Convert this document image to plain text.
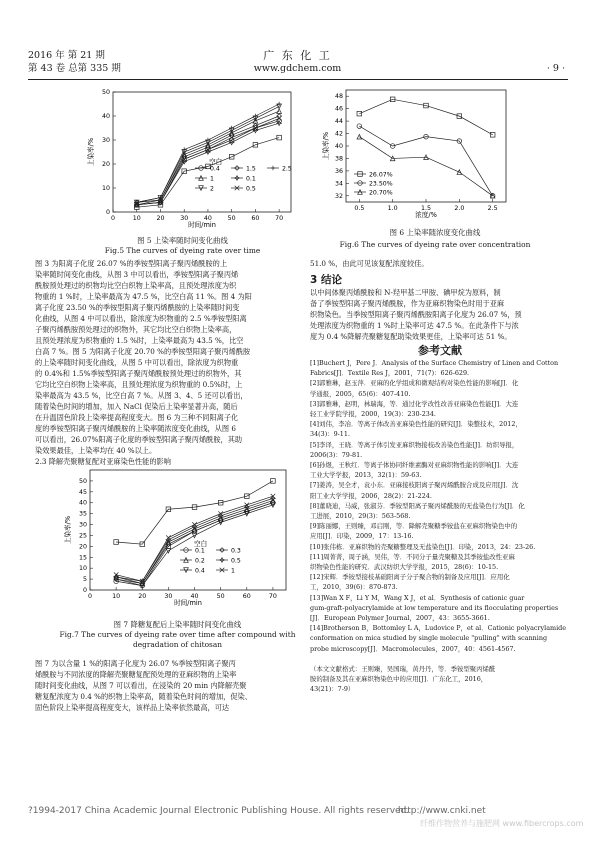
2016 年 第 21 期
第 43 卷 总第 335 期
广 东 化 工
www.gdchem.com	· 9 ·
0	10 20 30 40 50 60 70
0
10
20
30
40
50
时间/min
上染率/%	空白
0.4
1
2
1.5
0.1
0.5
2.5
图 5 上染率随时间变化曲线
Fig.5 The curves of dyeing rate over time
0.5	1.0	1.5	2.0	2.5
32
34
36
38
40
42
44
46
48
浓度/%
上染率/%
26.07%
23.50%
20.70%
图 6 上染率随浓度变化曲线
Fig.6 The curves of dyeing rate over concentration
图 3 为阳离子化度 26.07 %的季铵型阳离子聚丙烯酰胺的上
染率随时间变化曲线，从图 3 中可以看出，季铵型阳离子聚丙烯
酰胺预处理过的织物均比空白织物上染率高，且预处理浓度为织
物重的 1 %时，上染率最高为 47.5 %，比空白高 11 %。图 4 为阳
离子化度 23.50 %的季铵型阳离子聚丙烯酰胺的上染率随时间变
化曲线，从图 4 中可以看出，除浓度为织物重的 2.5 %季铵型阳离
子聚丙烯酰胺预处理过的织物外，其它均比空白织物上染率高，
且预处理浓度为织物重的 1.5 %时，上染率最高为 43.5 %，比空
白高 7 %。图 5 为阳离子化度 20.70 %的季铵型阳离子聚丙烯酰胺
的上染率随时间变化曲线，从图 5 中可以看出，除浓度为织物重
的 0.4%和 1.5%季铵型阳离子聚丙烯酰胺预处理过的织物外，其
它均比空白织物上染率高，且预处理浓度为织物重的 0.5%时，上
染率最高为 43.5 %，比空白高 7 %。从图 3、4、5 还可以看出，
随着染色时间的增加，加入 NaCl 促染后上染率显著升高，随后
在升温固色阶段上染率提高程度变大。图 6 为三种不同阳离子化
度的季铵型阳离子聚丙烯酰胺的上染率随浓度变化曲线，从图 6
可以看出，26.07%阳离子化度的季铵型阳离子聚丙烯酰胺，其助
染效果最佳，上染率均在 40 %以上。
2.3 降解壳聚糖复配对亚麻染色性能的影响
0	10	20	30	40	50	60	70
0
5
10
15
20
25
30
35
40
45
50
时间/min
上染率/%	空白
0.1
0.2
0.4
0.3
0.5
1
图 7 降糖复配后上染率随时间变化曲线
Fig.7 The curves of dyeing rate over time after compound with
degradation of chitosan
图 7 为以含量 1 %的阳离子化度为 26.07 %季铵型阳离子聚丙
烯酰胺与不同浓度的降解壳聚糖复配预处理的亚麻织物的上染率
随时间变化曲线，从图 7 可以看出，在浸染的 20 min 内降解壳聚
糖复配浓度为 0.4 %的织物上染率高，随着染色时间的增加，促染、
固色阶段上染率提高程度变大，该样品上染率依然最高，可达
51.0 %，由此可见该复配浓度较佳。
3 结论
以中间体聚丙烯酰胺和 N-羟甲基二甲胺、碘甲烷为原料，制
备了季铵型阳离子聚丙烯酰胺，作为亚麻织物染色时用于亚麻
织物染色。当季铵型阳离子聚丙烯酰胺阳离子化度为 26.07 %，预
处理浓度为织物重的 1 %时上染率可达 47.5 %。在此条件下与浓
度为 0.4 %降解壳聚糖复配助染效果更佳，上染率可达 51 %。
参考文献
[1]Buchert J，Pere J．Analysis of the Surface Chemistry of Linen and Cotton
Fabrics[J]．Textile Res J，2001，71(7)：626-629.
[2]郭雅琳，赵玉萍．亚麻的化学组成和微观结构对染色性能的影响[J]．化
学通报，2005，65(6)：407-410.
[3]郭雅琳，赵明，林瑞海，等．通过化学改性改善亚麻染色性能[J]．大连
轻工业学院学报，2000，19(3)：230-234.
[4]刘伟，李冶．等离子体改善亚麻染色性能的研究[J]．染整技术，2012，
34(3)：9-11.
[5]李译，王晓．等离子体引发亚麻织物接枝改善染色性能[J]．纺织导报，
2006(3)：79-81.
[6]孙煜，王秋红．等离子体协同纤维素酶对亚麻织物性能的影响[J]．大连
工业大学学报，2013，32(1)：59-63.
[7]姜涛，吴全才，袁小东．亚麻接枝阳离子聚丙烯酰胺合成及应用[J]．沈
阳工业大学学报，2006，28(2)：21-224.
[8]董晓迪，马威，张淑芬．季铵型阳离子聚丙烯酰胺的无盐染色行为[J]．化
工进展，2010，29(3)：563-568.
[9]陈丽娜，王则臻，邓启刚，等．降解壳聚糖季铵盐在亚麻织物染色中的
应用[J]．印染，2009，17：13-16.
[10]张伟栋．亚麻织物的壳聚糖整理及无盐染色[J]．印染，2013，24：23-26.
[11]周菁菁，周子涵，吴伟，等．不同分子量壳聚糖及其季铵盐改性亚麻
织物染色性能的研究．武汉纺织大学学报，2015，28(6)：10-15.
[12]宋辉．季铵型接枝基础阳离子分子聚合物的制备及应用[J]．应用化
工，2010，39(6)：870-873.
[13]Wan X F，Li Y M，Wang X J，et al．Synthesis of cationic guar
gum-graft-polyacrylamide at low temperature and its flocculating properties
[J]．European Polymer Journal，2007，43：3655-3661.
[14]Brotherson B，Bottomley L A，Ludovice P，et al．Cationic polyacrylamide
conformation on mica studied by single molecule "pulling" with scanning
probe microscopy[J]．Macromolecules，2007，40：4561-4567.
（本文文献格式：王则臻，吴国瑞，黄丹丹，等．季铵型聚丙烯酰
胺的制备及其在亚麻织物染色中的应用[J]．广东化工，2016，
43(21)：7-9）
?1994-2017 China Academic Journal Electronic Publishing House. All rights reserved.
http://www.cnki.net
纤维作物营养与施肥网 www.fibercrops.com
